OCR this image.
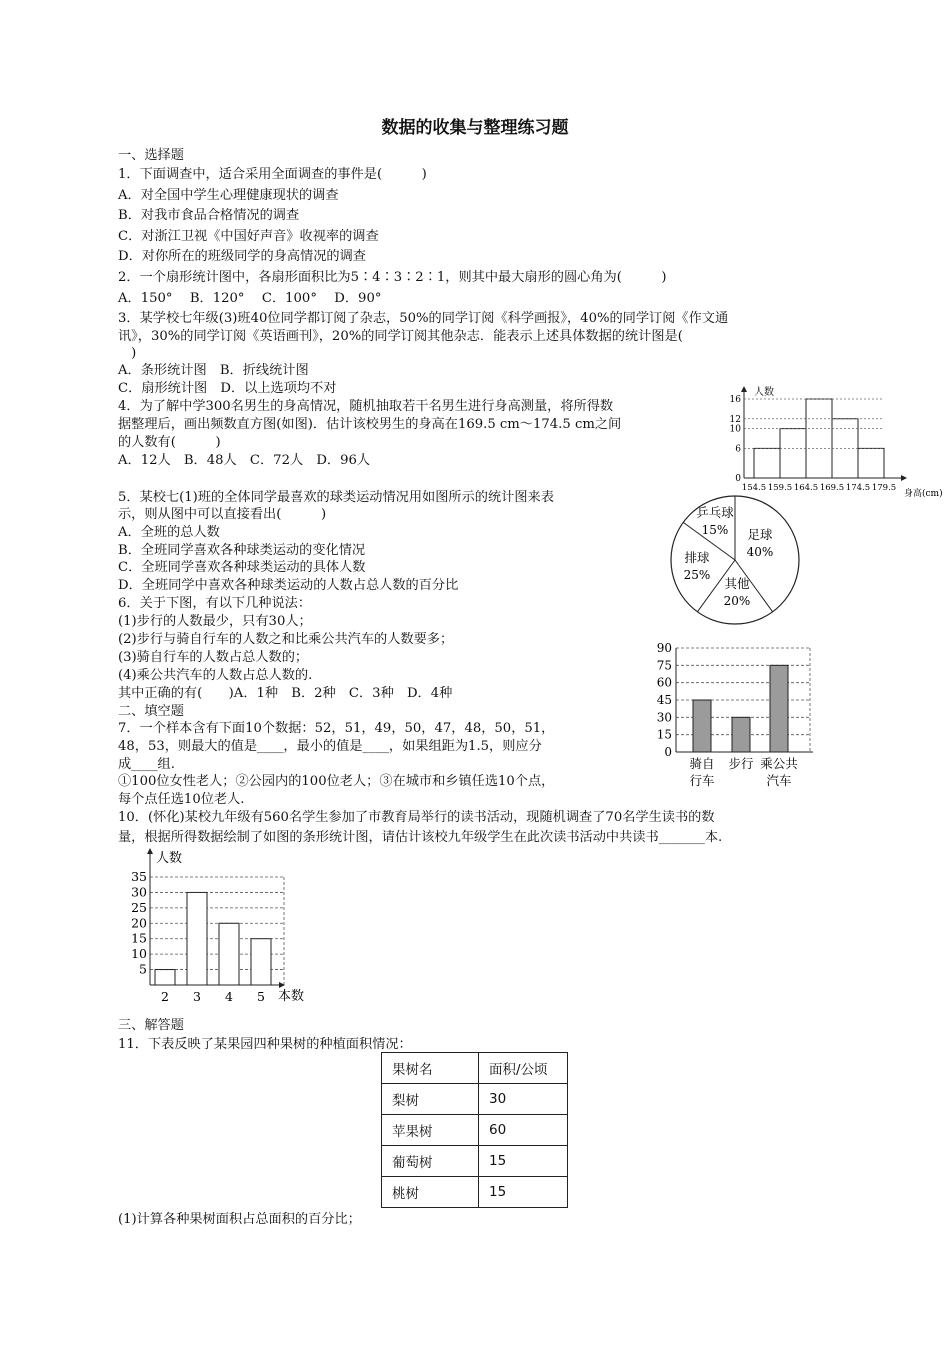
数据的收集与整理练习题
一、选择题
1．下面调查中，适合采用全面调查的事件是(　　　)
A．对全国中学生心理健康现状的调查
B．对我市食品合格情况的调查
C．对浙江卫视《中国好声音》收视率的调查
D．对你所在的班级同学的身高情况的调查
2．一个扇形统计图中，各扇形面积比为5∶4∶3∶2∶1，则其中最大扇形的圆心角为(　　　)
A．150°　 B．120°　 C．100°　 D．90°
3．某学校七年级(3)班40位同学都订阅了杂志，50%的同学订阅《科学画报》，40%的同学订阅《作文通
讯》，30%的同学订阅《英语画刊》，20%的同学订阅其他杂志．能表示上述具体数据的统计图是(
　)
A．条形统计图　B．折线统计图
C．扇形统计图　D．以上选项均不对
4．为了解中学300名男生的身高情况，随机抽取若干名男生进行身高测量，将所得数
据整理后，画出频数直方图(如图)．估计该校男生的身高在169.5 cm～174.5 cm之间
的人数有(　　　)
A．12人　B．48人　C．72人　D．96人
0
6
10
12
16
154.5 159.5 164.5 169.5 174.5 179.5
人数
身高(cm)
5．某校七(1)班的全体同学最喜欢的球类运动情况用如图所示的统计图来表
示，则从图中可以直接看出(　　　)
A．全班的总人数
B．全班同学喜欢各种球类运动的变化情况
C．全班同学喜欢各种球类运动的具体人数
D．全班同学中喜欢各种球类运动的人数占总人数的百分比
足球
40%
其他
20%
排球
25%
乒乓球
15%
6．关于下图，有以下几种说法：
(1)步行的人数最少，只有30人；
(2)步行与骑自行车的人数之和比乘公共汽车的人数要多；
(3)骑自行车的人数占总人数的；
(4)乘公共汽车的人数占总人数的.
其中正确的有(　　)A．1种　B．2种　C．3种　D．4种
0
15
30
45
60
75
90
骑自
行车
步行 乘公共
汽车
二、填空题
7．一个样本含有下面10个数据：52，51，49，50，47，48，50，51，
48，53，则最大的值是____，最小的值是____，如果组距为1.5，则应分
成____组.
①100位女性老人；②公园内的100位老人；③在城市和乡镇任选10个点，
每个点任选10位老人.
10．(怀化)某校九年级有560名学生参加了市教育局举行的读书活动，现随机调查了70名学生读书的数
量，根据所得数据绘制了如图的条形统计图，请估计该校九年级学生在此次读书活动中共读书_______本.
5
10
15
20
25
30
35
2 3 4 5
人数
本数
三、解答题
11．下表反映了某果园四种果树的种植面积情况：
果树名	面积/公顷
梨树	30
苹果树	60
葡萄树	15
桃树	15
(1)计算各种果树面积占总面积的百分比；
